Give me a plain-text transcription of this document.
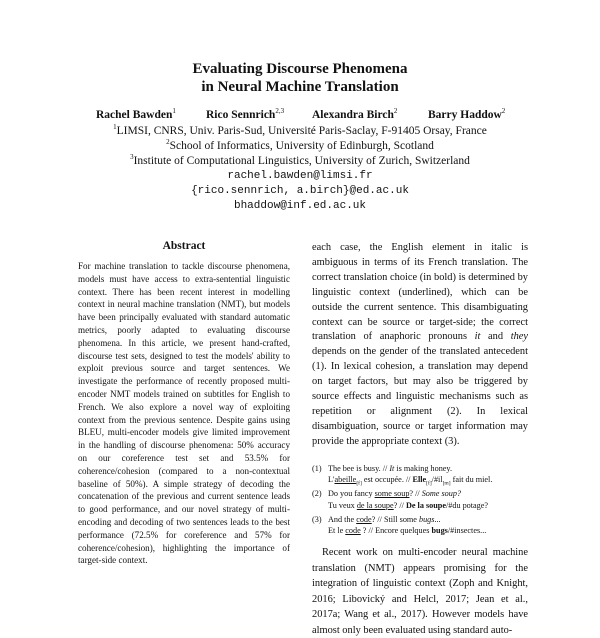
Evaluating Discourse Phenomena
in Neural Machine Translation
Rachel Bawden$^1$	Rico Sennrich$^{2,3}$ Alexandra Birch$^2$	Barry Haddow$^2$
$^1$LIMSI, CNRS, Univ. Paris-Sud, Université Paris-Saclay, F-91405 Orsay, France
$^2$School of Informatics, University of Edinburgh, Scotland
$^3$Institute of Computational Linguistics, University of Zurich, Switzerland
rachel.bawden@limsi.fr
{rico.sennrich, a.birch}@ed.ac.uk
bhaddow@inf.ed.ac.uk
Abstract
For machine translation to tackle discourse phenomena, models must have access to extra-sentential linguistic context. There has been recent interest in modelling context in neural machine translation (NMT), but models have been principally evaluated with standard automatic metrics, poorly adapted to evaluating discourse phenomena. In this article, we present hand-crafted, discourse test sets, designed to test the models' ability to exploit previous source and target sentences. We investigate the performance of recently proposed multi-encoder NMT models trained on subtitles for English to French. We also explore a novel way of exploiting context from the previous sentence. Despite gains using BLEU, multi-encoder models give limited improvement in the handling of discourse phenomena: 50% accuracy on our coreference test set and 53.5% for coherence/cohesion (compared to a non-contextual baseline of 50%). A simple strategy of decoding the concatenation of the previous and current sentence leads to good performance, and our novel strategy of multi-encoding and decoding of two sentences leads to the best performance (72.5% for coreference and 57% for coherence/cohesion), highlighting the importance of target-side context.
each case, the English element in italic is ambiguous in terms of its French translation. The correct translation choice (in bold) is determined by linguistic context (underlined), which can be outside the current sentence. This disambiguating context can be source or target-side; the correct translation of anaphoric pronouns it and they depends on the gender of the translated antecedent (1). In lexical cohesion, a translation may depend on target factors, but may also be triggered by source effects and linguistic mechanisms such as repetition or alignment (2). In lexical disambiguation, source or target information may provide the appropriate context (3).
(1) The bee is busy. // It is making honey.
L'abeille$_{[f]}$ est occupée. // $Elle_{[f]}/\#il_{[m]}$ fait du miel.
(2) Do you fancy some soup? // Some soup?
Tu veux de la soupe? // De la soupe/#du potage?
(3) And the code? // Still some bugs...
Et le code ? // Encore quelques bugs/#insectes...
Recent work on multi-encoder neural machine translation (NMT) appears promising for the integration of linguistic context (Zoph and Knight, 2016; Libovický and Helcl, 2017; Jean et al., 2017a; Wang et al., 2017). However models have almost only been evaluated using standard auto-
